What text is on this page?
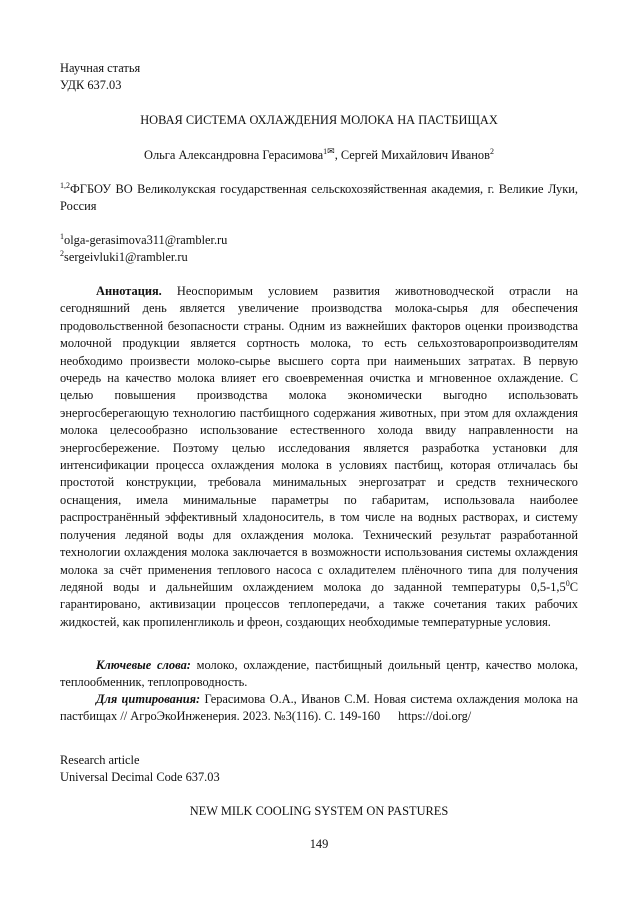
Научная статья
УДК 637.03
НОВАЯ СИСТЕМА ОХЛАЖДЕНИЯ МОЛОКА НА ПАСТБИЩАХ
Ольга Александровна Герасимова$^{1✉}$, Сергей Михайлович Иванов$^2$
$^{1,2}$ФГБОУ ВО Великолукская государственная сельскохозяйственная академия, г. Великие Луки, Россия
$^1$olga-gerasimova311@rambler.ru
$^2$sergeivluki1@rambler.ru
Аннотация. Неоспоримым условием развития животноводческой отрасли на сегодняшний день является увеличение производства молока-сырья для обеспечения продовольственной безопасности страны. Одним из важнейших факторов оценки производства молочной продукции является сортность молока, то есть сельхозтоваропроизводителям необходимо произвести молоко-сырье высшего сорта при наименьших затратах. В первую очередь на качество молока влияет его своевременная очистка и мгновенное охлаждение. С целью повышения производства молока экономически выгодно использовать энергосберегающую технологию пастбищного содержания животных, при этом для охлаждения молока целесообразно использование естественного холода ввиду направленности на энергосбережение. Поэтому целью исследования является разработка установки для интенсификации процесса охлаждения молока в условиях пастбищ, которая отличалась бы простотой конструкции, требовала минимальных энергозатрат и средств технического оснащения, имела минимальные параметры по габаритам, использовала наиболее распространённый эффективный хладоноситель, в том числе на водных растворах, и систему получения ледяной воды для охлаждения молока. Технический результат разработанной технологии охлаждения молока заключается в возможности использования системы охлаждения молока за счёт применения теплового насоса с охладителем плёночного типа для получения ледяной воды и дальнейшим охлаждением молока до заданной температуры $0,5-1,5^0С$ гарантировано, активизации процессов теплопередачи, а также сочетания таких рабочих жидкостей, как пропиленгликоль и фреон, создающих необходимые температурные условия.
Ключевые слова: молоко, охлаждение, пастбищный доильный центр, качество молока, теплообменник, теплопроводность.
Для цитирования: Герасимова О.А., Иванов С.М. Новая система охлаждения молока на пастбищах // АгроЭкоИнженерия. 2023. №3(116). С. 149-160 https://doi.org/
Research article
Universal Decimal Code 637.03
NEW MILK COOLING SYSTEM ON PASTURES
149
